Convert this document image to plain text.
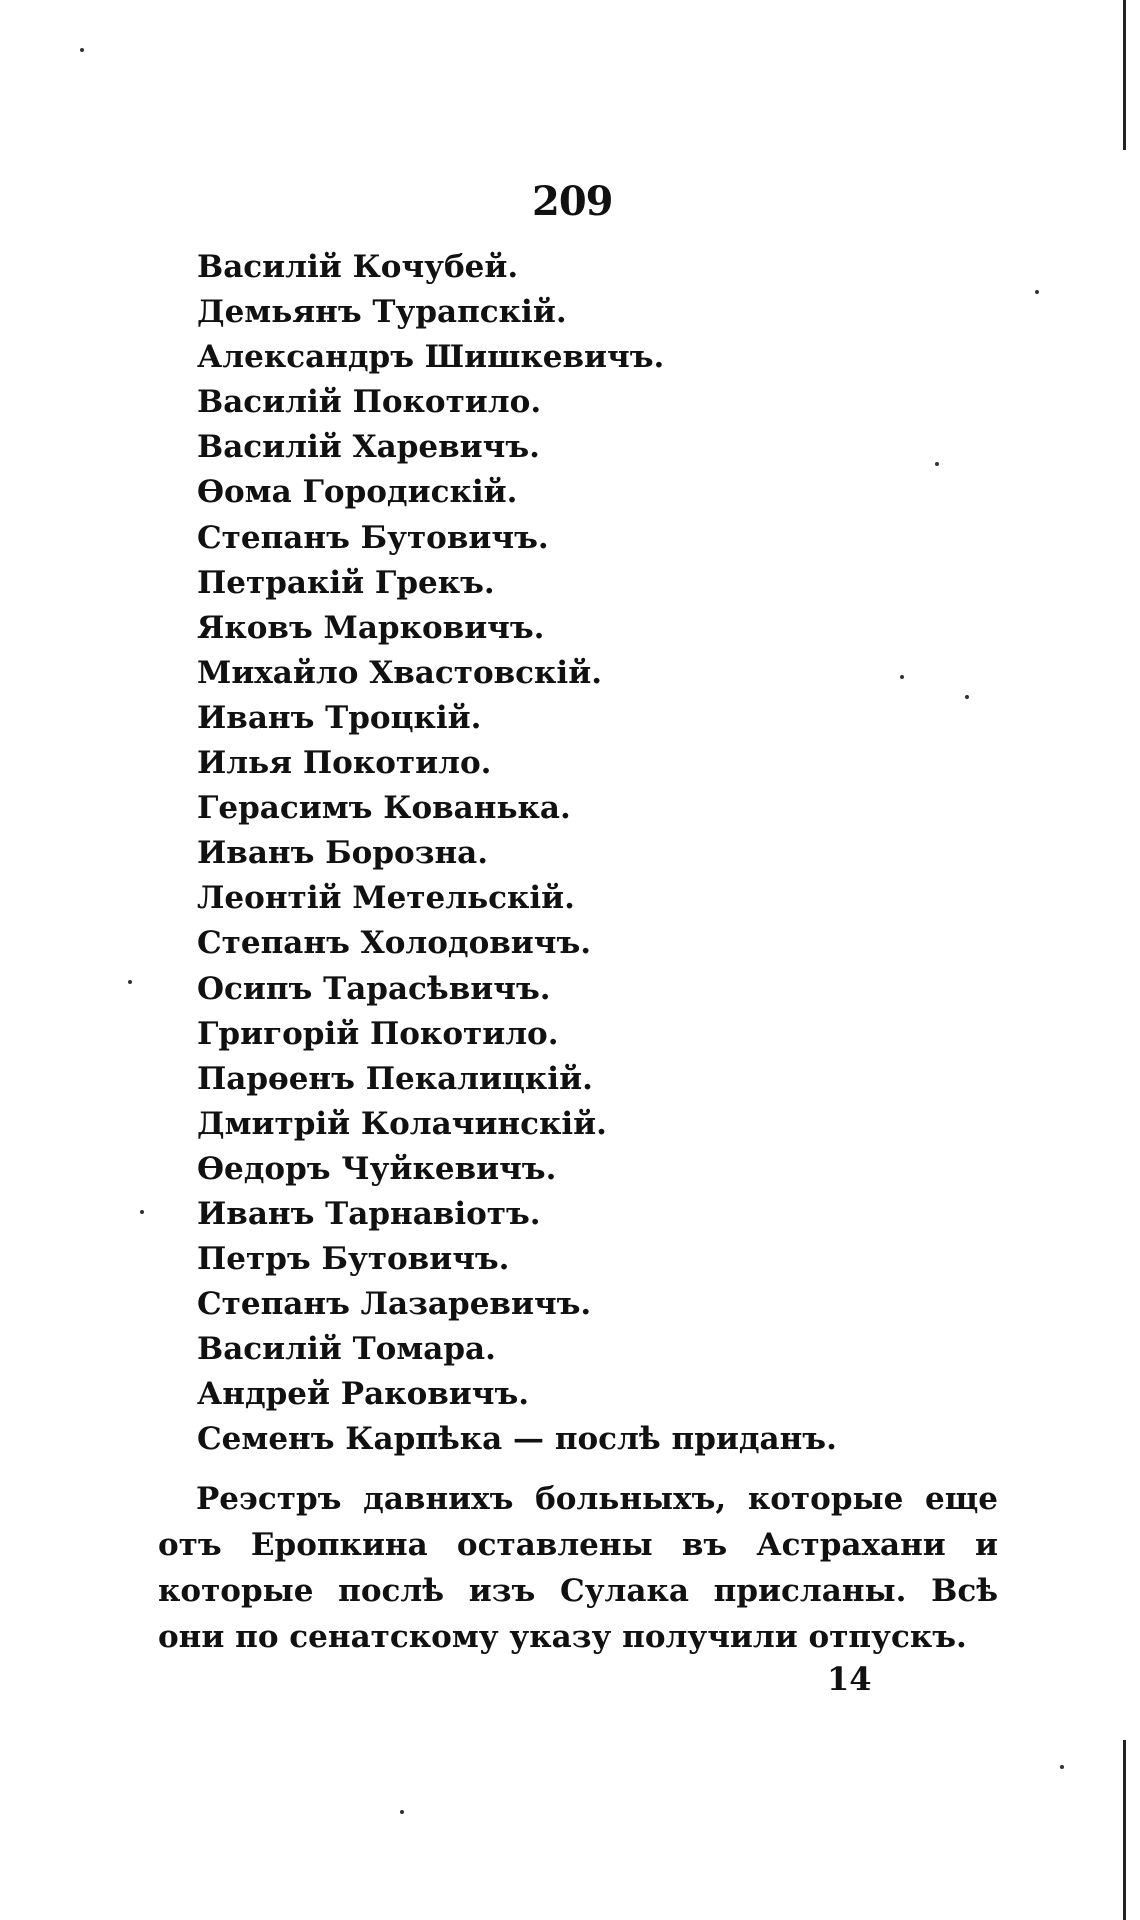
209
Василій Кочубей.
Демьянъ Турапскій.
Александръ Шишкевичъ.
Василій Покотило.
Василій Харевичъ.
Өома Городискій.
Степанъ Бутовичъ.
Петракій Грекъ.
Яковъ Марковичъ.
Михайло Хвастовскій.
Иванъ Троцкій.
Илья Покотило.
Герасимъ Кованька.
Иванъ Борозна.
Леонтій Метельскій.
Степанъ Холодовичъ.
Осипъ Тарасѣвичъ.
Григорій Покотило.
Парөенъ Пекалицкій.
Дмитрій Колачинскій.
Өедоръ Чуйкевичъ.
Иванъ Тарнавіотъ.
Петръ Бутовичъ.
Степанъ Лазаревичъ.
Василій Томара.
Андрей Раковичъ.
Семенъ Карпѣка — послѣ приданъ.

Реэстръ давнихъ больныхъ, которые еще отъ Еропкина оставлены въ Астрахани и которые послѣ изъ Сулака присланы. Всѣ они по сенатскому указу получили отпускъ.

14
